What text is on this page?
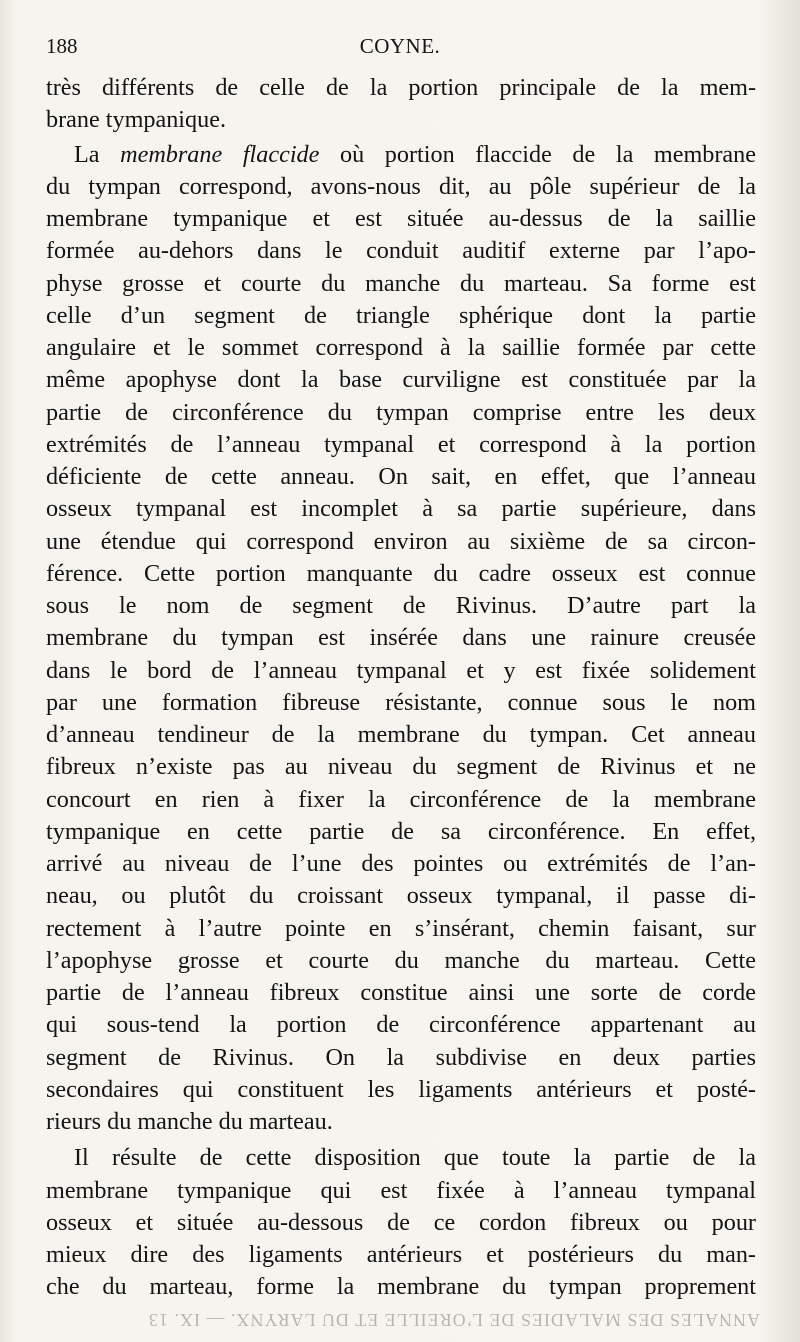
188	COYNE.
très différents de celle de la portion principale de la mem-
brane tympanique.
La membrane flaccide où portion flaccide de la membrane
du tympan correspond, avons-nous dit, au pôle supérieur de la
membrane tympanique et est située au-dessus de la saillie
formée au-dehors dans le conduit auditif externe par l’apo-
physe grosse et courte du manche du marteau. Sa forme est
celle d’un segment de triangle sphérique dont la partie
angulaire et le sommet correspond à la saillie formée par cette
même apophyse dont la base curviligne est constituée par la
partie de circonférence du tympan comprise entre les deux
extrémités de l’anneau tympanal et correspond à la portion
déficiente de cette anneau. On sait, en effet, que l’anneau
osseux tympanal est incomplet à sa partie supérieure, dans
une étendue qui correspond environ au sixième de sa circon-
férence. Cette portion manquante du cadre osseux est connue
sous le nom de segment de Rivinus. D’autre part la
membrane du tympan est insérée dans une rainure creusée
dans le bord de l’anneau tympanal et y est fixée solidement
par une formation fibreuse résistante, connue sous le nom
d’anneau tendineur de la membrane du tympan. Cet anneau
fibreux n’existe pas au niveau du segment de Rivinus et ne
concourt en rien à fixer la circonférence de la membrane
tympanique en cette partie de sa circonférence. En effet,
arrivé au niveau de l’une des pointes ou extrémités de l’an-
neau, ou plutôt du croissant osseux tympanal, il passe di-
rectement à l’autre pointe en s’insérant, chemin faisant, sur
l’apophyse grosse et courte du manche du marteau. Cette
partie de l’anneau fibreux constitue ainsi une sorte de corde
qui sous-tend la portion de circonférence appartenant au
segment de Rivinus. On la subdivise en deux parties
secondaires qui constituent les ligaments antérieurs et posté-
rieurs du manche du marteau.
Il résulte de cette disposition que toute la partie de la
membrane tympanique qui est fixée à l’anneau tympanal
osseux et située au-dessous de ce cordon fibreux ou pour
mieux dire des ligaments antérieurs et postérieurs du man-
che du marteau, forme la membrane du tympan proprement
ANNALES DES MALADIES DE L’OREILLE ET DU LARYNX. — IX. 13
